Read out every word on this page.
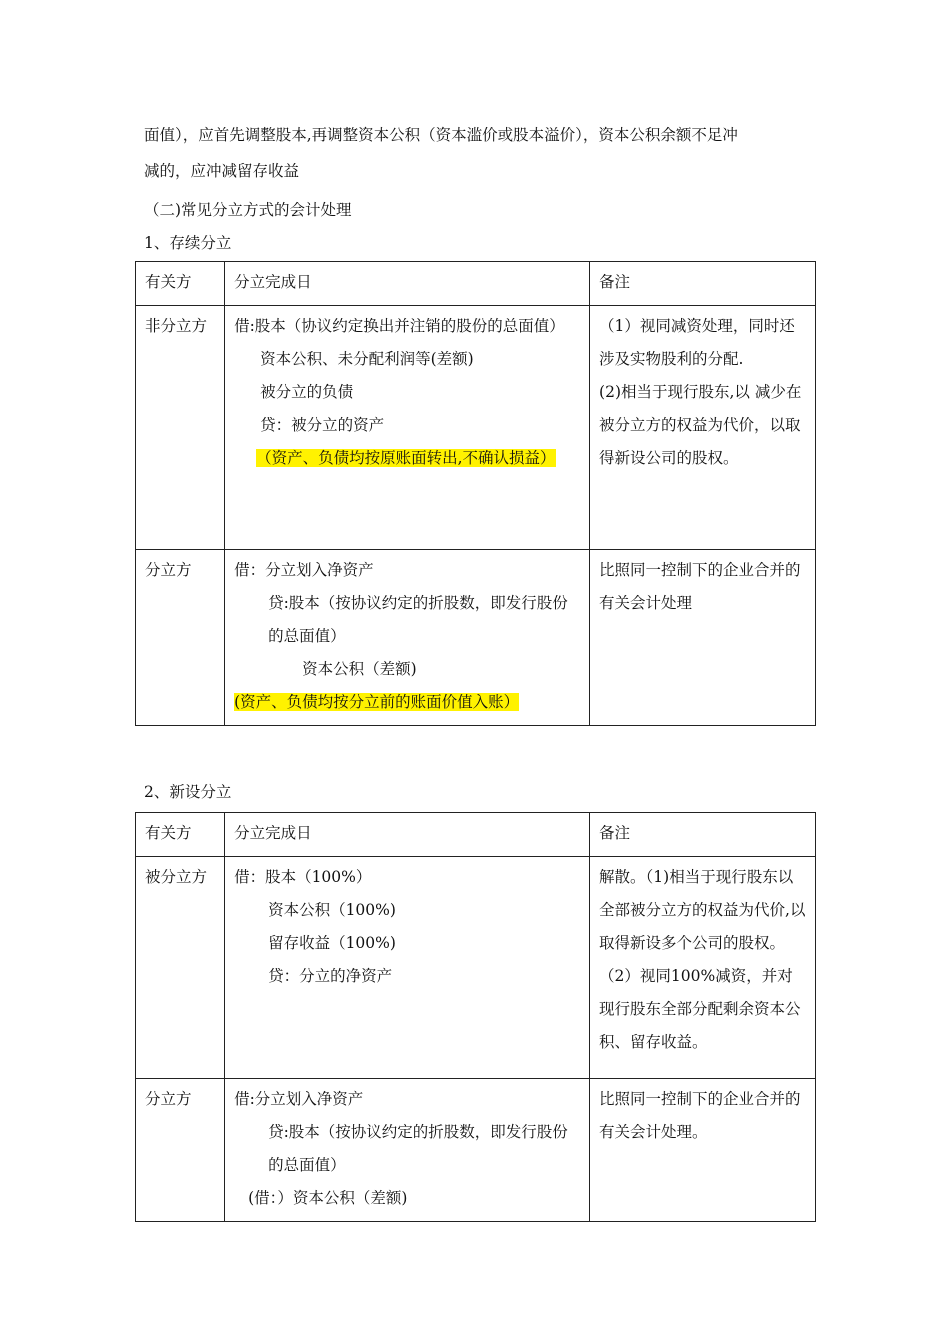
面值），应首先调整股本,再调整资本公积（资本滥价或股本溢价），资本公积余额不足冲
减的，应冲减留存收益

（二)常见分立方式的会计处理

1、存续分立

有关方	分立完成日	备注
非分立方	借:股本（协议约定换出并注销的股份的总面值）
资本公积、未分配利润等(差额)
被分立的负债
贷：被分立的资产
（资产、负债均按原账面转出,不确认损益）	（1）视同减资处理，同时还涉及实物股利的分配.
(2)相当于现行股东,以 减少在被分立方的权益为代价，以取得新设公司的股权。

分立方	借：分立划入净资产
贷:股本（按协议约定的折股数，即发行股份的总面值）
资本公积（差额)
(资产、负债均按分立前的账面价值入账）	比照同一控制下的企业合并的有关会计处理

2、新设分立

有关方	分立完成日	备注
被分立方	借：股本（100%）
资本公积（100%)
留存收益（100%)
贷：分立的净资产	解散。（1)相当于现行股东以全部被分立方的权益为代价,以取得新设多个公司的股权。 （2）视同100%减资，并对现行股东全部分配剩余资本公积、留存收益。
分立方	借:分立划入净资产
贷:股本（按协议约定的折股数，即发行股份的总面值）
(借：）资本公积（差额)	比照同一控制下的企业合并的有关会计处理。
